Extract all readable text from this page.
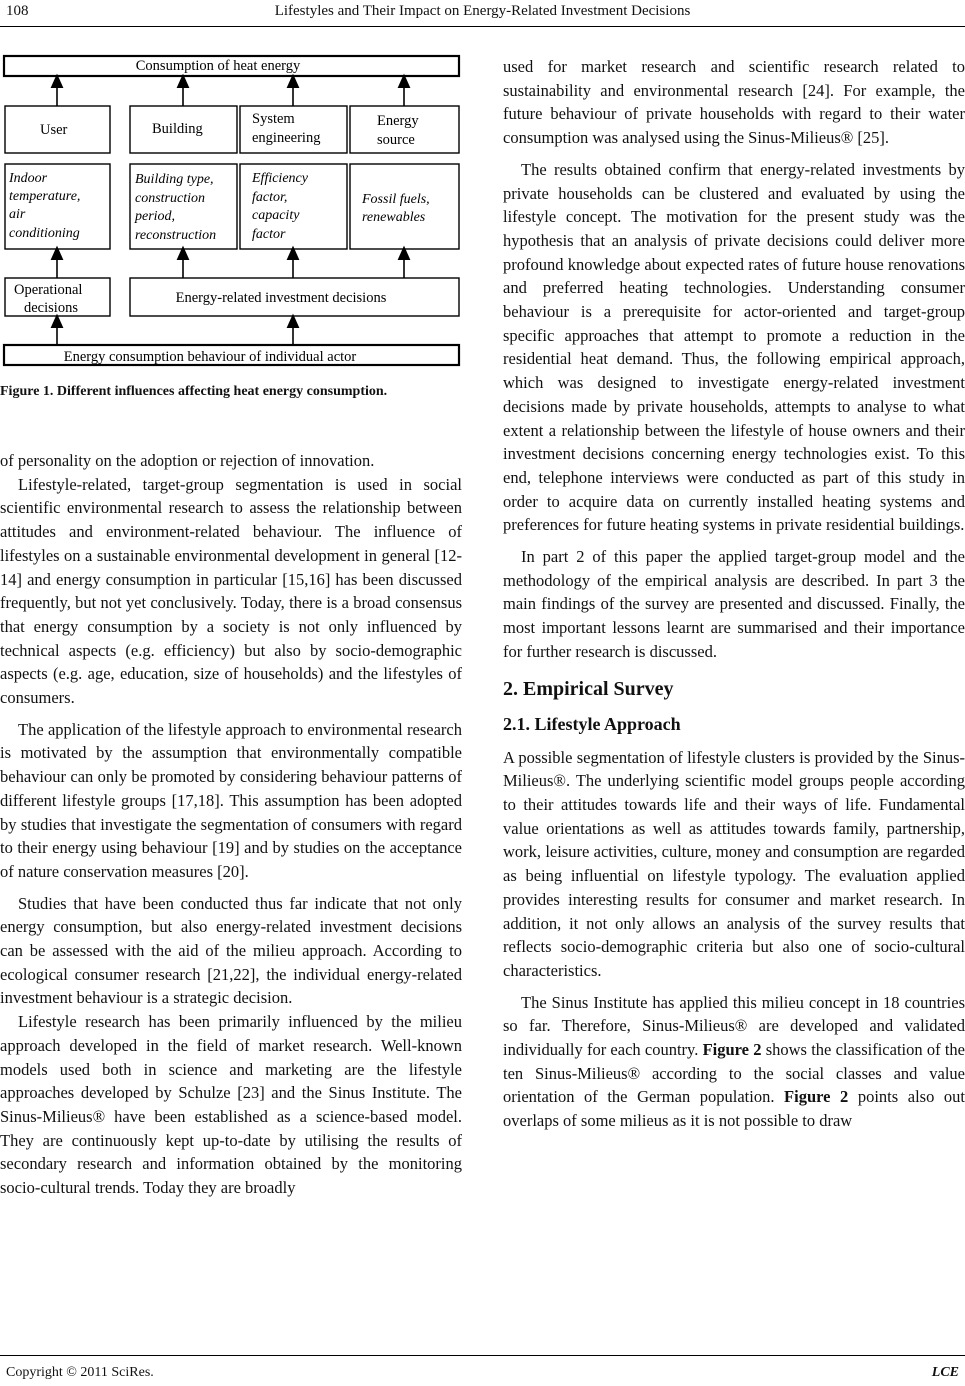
108	Lifestyles and Their Impact on Energy-Related Investment Decisions
Consumption of heat energy
User	Building
System
engineering
Energy
source
Indoor
temperature,
air
conditioning
Building type,
construction
period,
reconstruction
Efficiency
factor,
capacity
factor
Fossil fuels,
renewables
Operational
decisions
Energy-related investment decisions
Energy consumption behaviour of individual actor

Figure 1. Different influences affecting heat energy consumption.

of personality on the adoption or rejection of innovation.

Lifestyle-related, target-group segmentation is used in social scientific environmental research to assess the relationship between attitudes and environment-related behaviour. The influence of lifestyles on a sustainable environmental development in general [12-14] and energy consumption in particular [15,16] has been discussed frequently, but not yet conclusively. Today, there is a broad consensus that energy consumption by a society is not only influenced by technical aspects (e.g. efficiency) but also by socio-demographic aspects (e.g. age, education, size of households) and the lifestyles of consumers.

The application of the lifestyle approach to environmental research is motivated by the assumption that environmentally compatible behaviour can only be promoted by considering behaviour patterns of different lifestyle groups [17,18]. This assumption has been adopted by studies that investigate the segmentation of consumers with regard to their energy using behaviour [19] and by studies on the acceptance of nature conservation measures [20].

Studies that have been conducted thus far indicate that not only energy consumption, but also energy-related investment decisions can be assessed with the aid of the milieu approach. According to ecological consumer research [21,22], the individual energy-related investment behaviour is a strategic decision.

Lifestyle research has been primarily influenced by the milieu approach developed in the field of market research. Well-known models used both in science and marketing are the lifestyle approaches developed by Schulze [23] and the Sinus Institute. The Sinus-Milieus® have been established as a science-based model. They are continuously kept up-to-date by utilising the results of secondary research and information obtained by the monitoring socio-cultural trends. Today they are broadly

used for market research and scientific research related to sustainability and environmental research [24]. For example, the future behaviour of private households with regard to their water consumption was analysed using the Sinus-Milieus® [25].

The results obtained confirm that energy-related investments by private households can be clustered and evaluated by using the lifestyle concept. The motivation for the present study was the hypothesis that an analysis of private decisions could deliver more profound knowledge about expected rates of future house renovations and preferred heating technologies. Understanding consumer behaviour is a prerequisite for actor-oriented and target-group specific approaches that attempt to promote a reduction in the residential heat demand. Thus, the following empirical approach, which was designed to investigate energy-related investment decisions made by private households, attempts to analyse to what extent a relationship between the lifestyle of house owners and their investment decisions concerning energy technologies exist. To this end, telephone interviews were conducted as part of this study in order to acquire data on currently installed heating systems and preferences for future heating systems in private residential buildings.

In part 2 of this paper the applied target-group model and the methodology of the empirical analysis are described. In part 3 the main findings of the survey are presented and discussed. Finally, the most important lessons learnt are summarised and their importance for further research is discussed.

2. Empirical Survey
2.1. Lifestyle Approach

A possible segmentation of lifestyle clusters is provided by the Sinus-Milieus®. The underlying scientific model groups people according to their attitudes towards life and their ways of life. Fundamental value orientations as well as attitudes towards family, partnership, work, leisure activities, culture, money and consumption are regarded as being influential on lifestyle typology. The evaluation applied provides interesting results for consumer and market research. In addition, it not only allows an analysis of the survey results that reflects socio-demographic criteria but also one of socio-cultural characteristics.

The Sinus Institute has applied this milieu concept in 18 countries so far. Therefore, Sinus-Milieus® are developed and validated individually for each country. Figure 2 shows the classification of the ten Sinus-Milieus® according to the social classes and value orientation of the German population. Figure 2 points also out overlaps of some milieus as it is not possible to draw

Copyright © 2011 SciRes.	LCE
